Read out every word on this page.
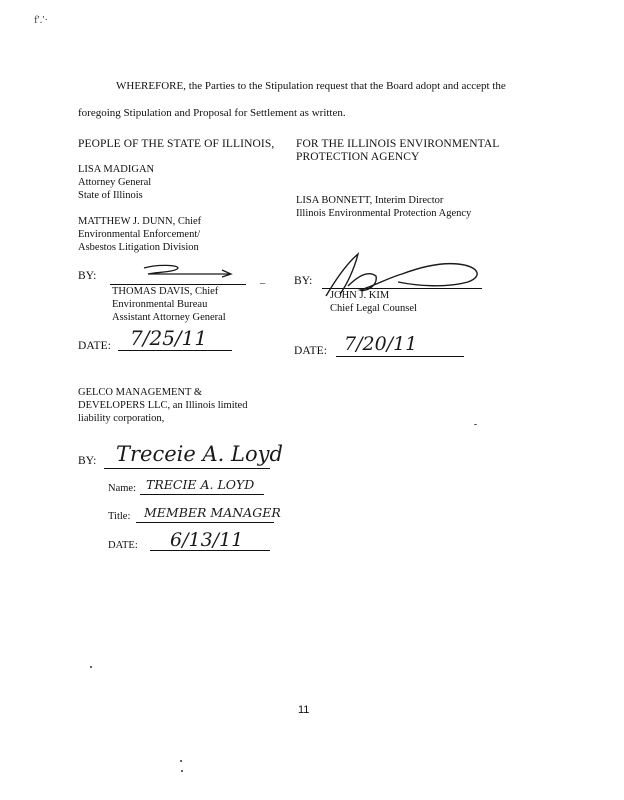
f'.'·
WHEREFORE, the Parties to the Stipulation request that the Board adopt and accept the
foregoing Stipulation and Proposal for Settlement as written.
PEOPLE OF THE STATE OF ILLINOIS,
LISA MADIGAN
Attorney General
State of Illinois
MATTHEW J. DUNN, Chief
Environmental Enforcement/
Asbestos Litigation Division
BY:
–
THOMAS DAVIS, Chief
Environmental Bureau
Assistant Attorney General
DATE: 7/25/11
FOR THE ILLINOIS ENVIRONMENTAL
PROTECTION AGENCY
LISA BONNETT, Interim Director
Illinois Environmental Protection Agency
BY:
JOHN J. KIM
Chief Legal Counsel
DATE: 7/20/11
GELCO MANAGEMENT &
DEVELOPERS LLC, an Illinois limited
liability corporation,
BY: Treceie A. Loyd
Name: TRECIE A. LOYD
Title: MEMBER MANAGER
DATE: 6/13/11
11
